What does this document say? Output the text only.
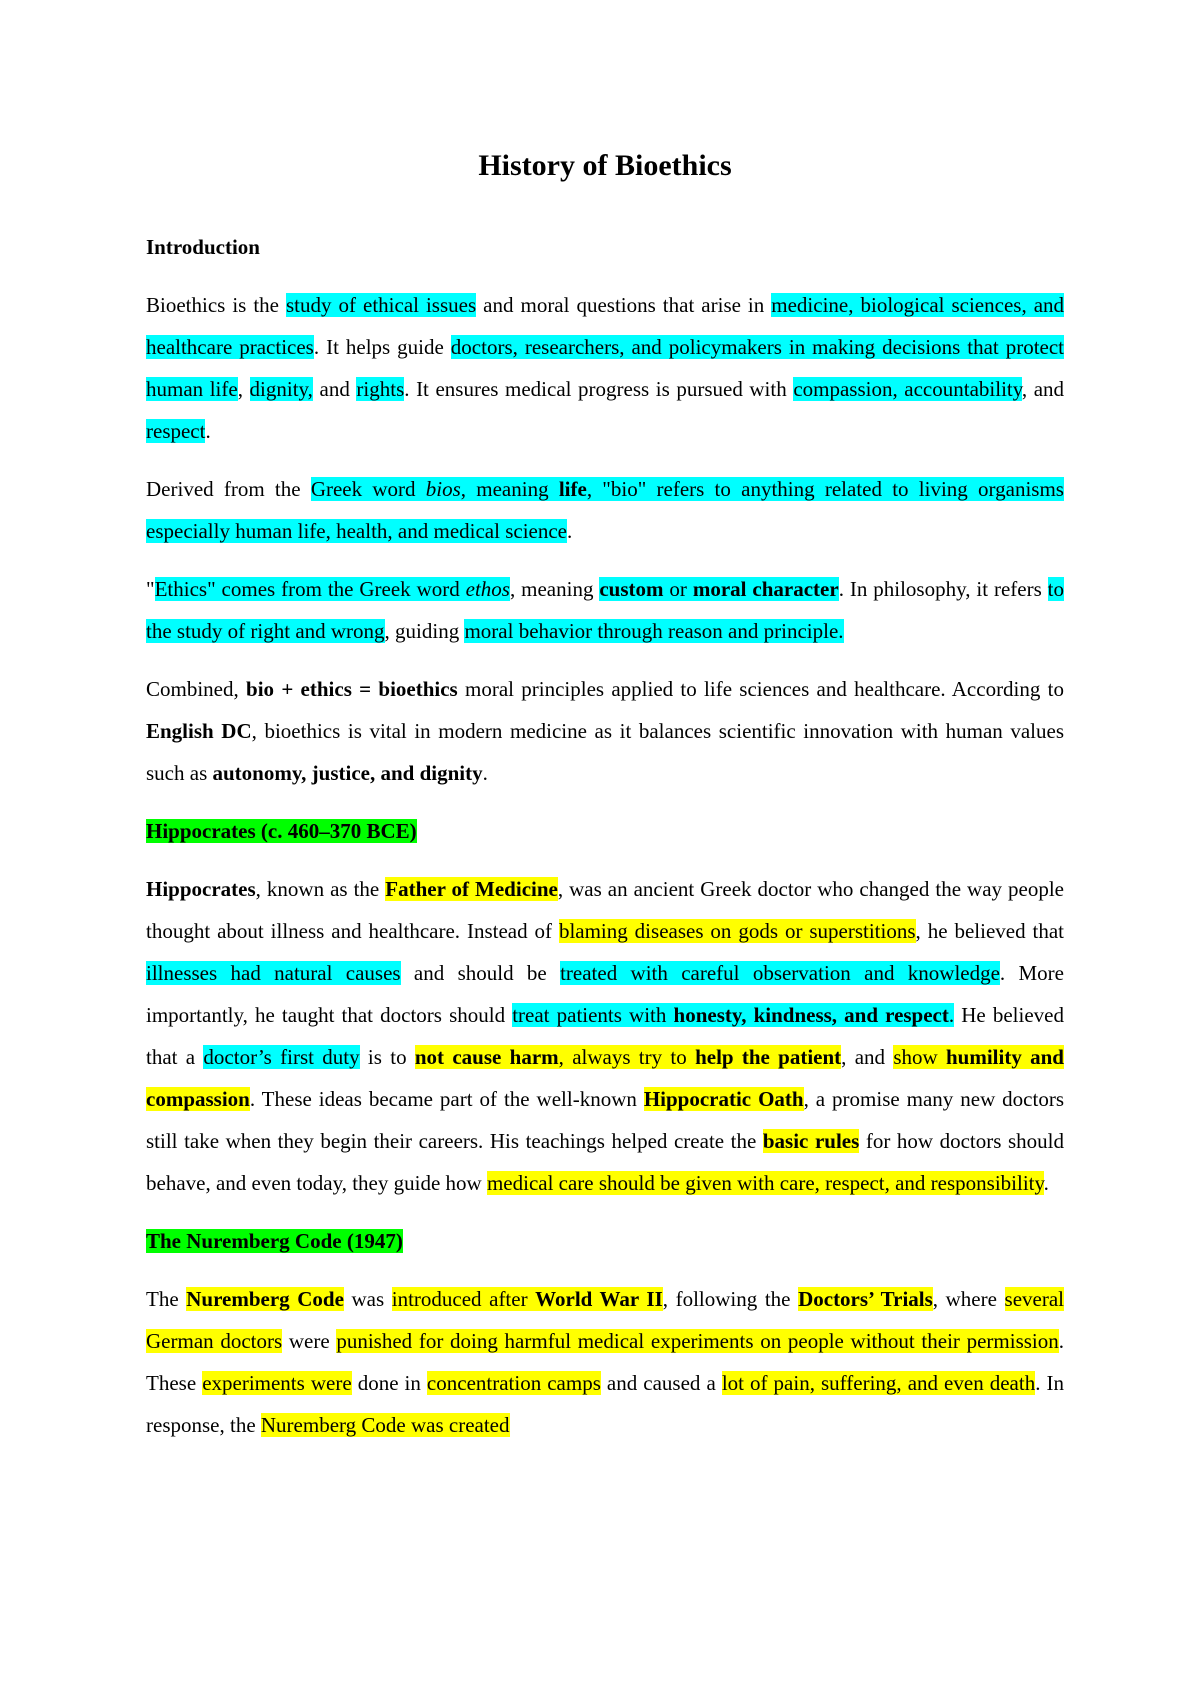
History of Bioethics
Introduction

Bioethics is the study of ethical issues and moral questions that arise in medicine, biological sciences, and healthcare practices. It helps guide doctors, researchers, and policymakers in making decisions that protect human life, dignity, and rights. It ensures medical progress is pursued with compassion, accountability, and respect.

Derived from the Greek word bios, meaning life, "bio" refers to anything related to living organisms especially human life, health, and medical science.

"Ethics" comes from the Greek word ethos, meaning custom or moral character. In philosophy, it refers to the study of right and wrong, guiding moral behavior through reason and principle.

Combined, bio + ethics = bioethics moral principles applied to life sciences and healthcare. According to English DC, bioethics is vital in modern medicine as it balances scientific innovation with human values such as autonomy, justice, and dignity.

Hippocrates (c. 460–370 BCE)

Hippocrates, known as the Father of Medicine, was an ancient Greek doctor who changed the way people thought about illness and healthcare. Instead of blaming diseases on gods or superstitions, he believed that illnesses had natural causes and should be treated with careful observation and knowledge. More importantly, he taught that doctors should treat patients with honesty, kindness, and respect. He believed that a doctor’s first duty is to not cause harm, always try to help the patient, and show humility and compassion. These ideas became part of the well-known Hippocratic Oath, a promise many new doctors still take when they begin their careers. His teachings helped create the basic rules for how doctors should behave, and even today, they guide how medical care should be given with care, respect, and responsibility.

The Nuremberg Code (1947)

The Nuremberg Code was introduced after World War II, following the Doctors’ Trials, where several German doctors were punished for doing harmful medical experiments on people without their permission. These experiments were done in concentration camps and caused a lot of pain, suffering, and even death. In response, the Nuremberg Code was created
